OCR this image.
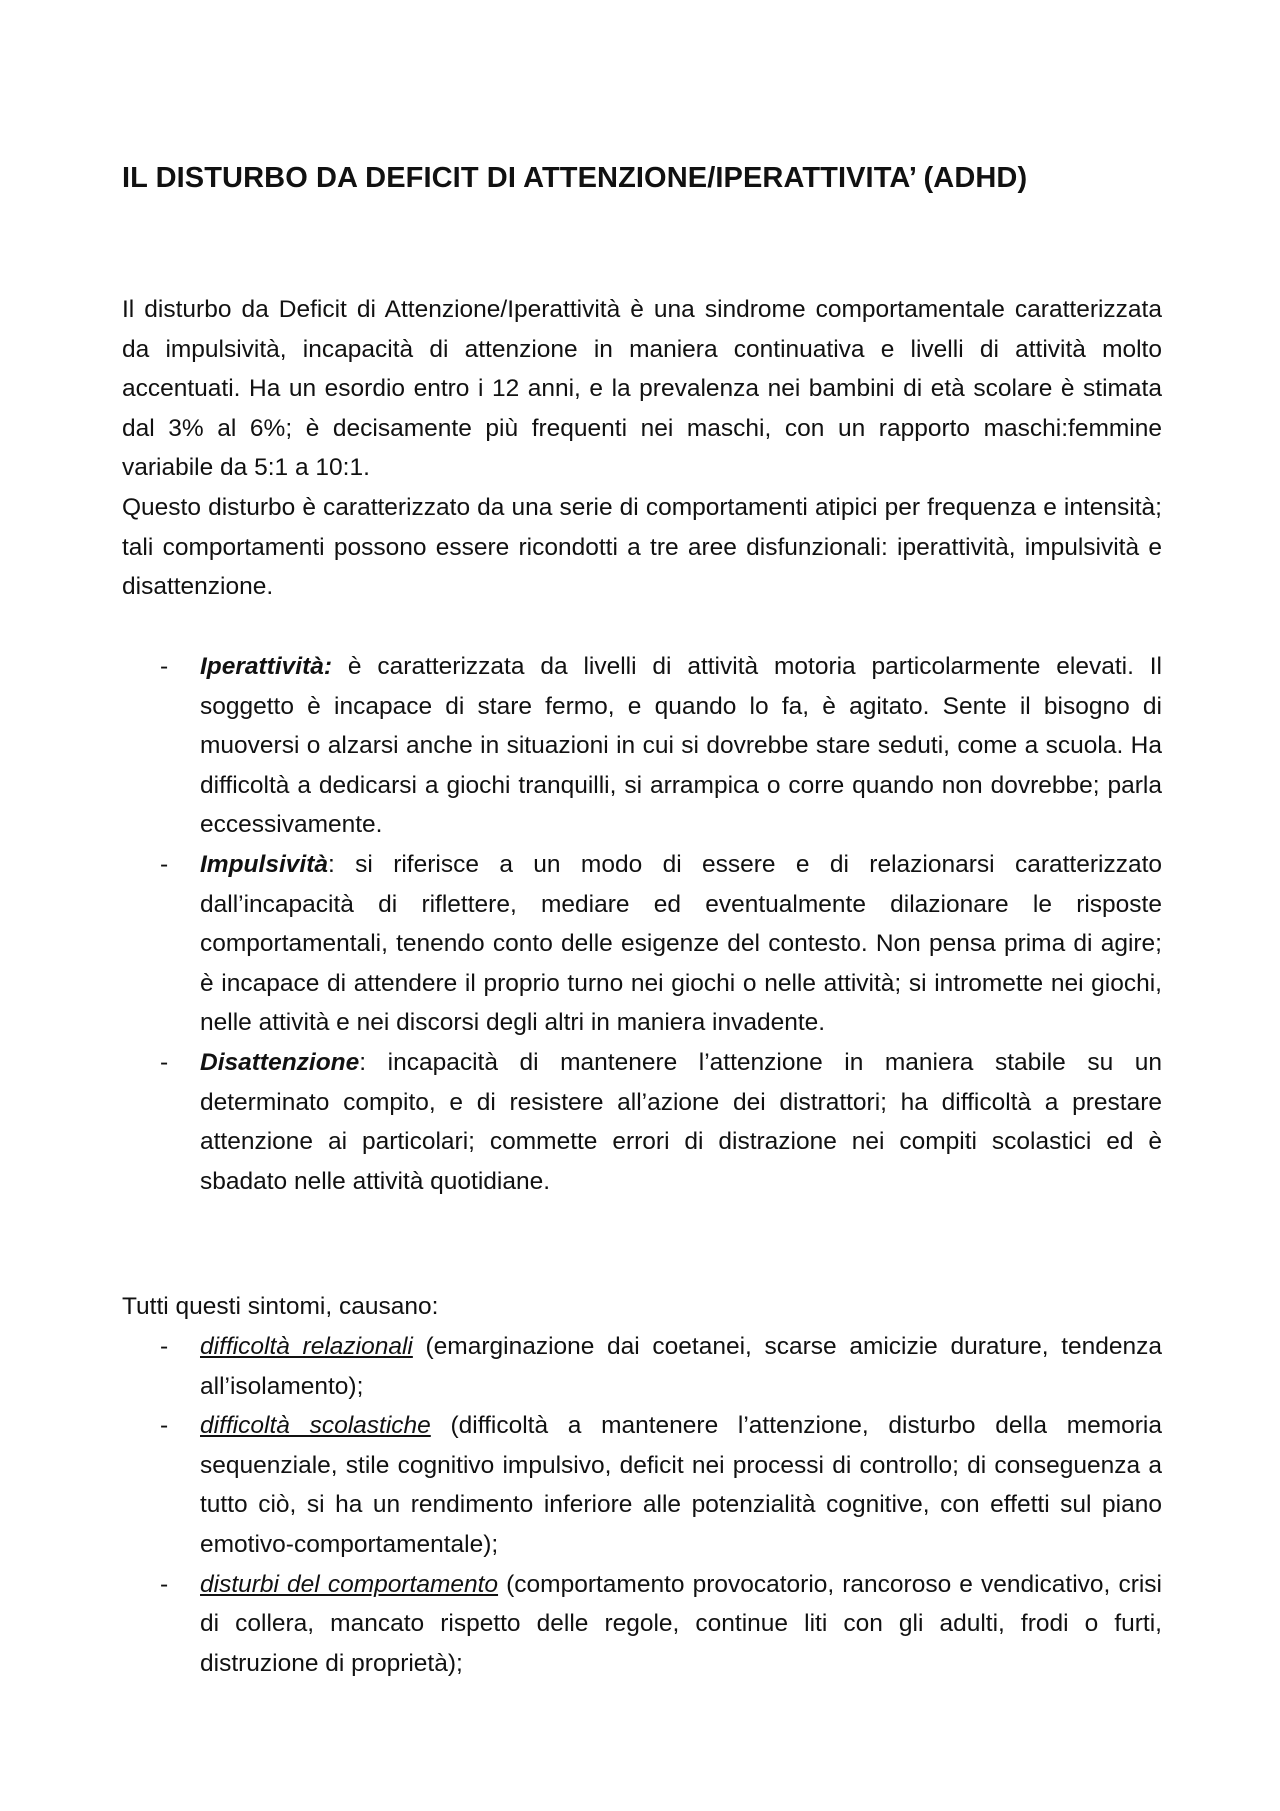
IL DISTURBO DA DEFICIT DI ATTENZIONE/IPERATTIVITA’ (ADHD)

Il disturbo da Deficit di Attenzione/Iperattività è una sindrome comportamentale caratterizzata da impulsività, incapacità di attenzione in maniera continuativa e livelli di attività molto accentuati. Ha un esordio entro i 12 anni, e la prevalenza nei bambini di età scolare è stimata dal 3% al 6%; è decisamente più frequenti nei maschi, con un rapporto maschi:femmine variabile da 5:1 a 10:1.

Questo disturbo è caratterizzato da una serie di comportamenti atipici per frequenza e intensità; tali comportamenti possono essere ricondotti a tre aree disfunzionali: iperattività, impulsività e disattenzione.

- Iperattività: è caratterizzata da livelli di attività motoria particolarmente elevati. Il soggetto è incapace di stare fermo, e quando lo fa, è agitato. Sente il bisogno di muoversi o alzarsi anche in situazioni in cui si dovrebbe stare seduti, come a scuola. Ha difficoltà a dedicarsi a giochi tranquilli, si arrampica o corre quando non dovrebbe; parla eccessivamente.
- Impulsività: si riferisce a un modo di essere e di relazionarsi caratterizzato dall’incapacità di riflettere, mediare ed eventualmente dilazionare le risposte comportamentali, tenendo conto delle esigenze del contesto. Non pensa prima di agire; è incapace di attendere il proprio turno nei giochi o nelle attività; si intromette nei giochi, nelle attività e nei discorsi degli altri in maniera invadente.
- Disattenzione: incapacità di mantenere l’attenzione in maniera stabile su un determinato compito, e di resistere all’azione dei distrattori; ha difficoltà a prestare attenzione ai particolari; commette errori di distrazione nei compiti scolastici ed è sbadato nelle attività quotidiane.
Tutti questi sintomi, causano:
- difficoltà relazionali (emarginazione dai coetanei, scarse amicizie durature, tendenza all’isolamento);
- difficoltà scolastiche (difficoltà a mantenere l’attenzione, disturbo della memoria sequenziale, stile cognitivo impulsivo, deficit nei processi di controllo; di conseguenza a tutto ciò, si ha un rendimento inferiore alle potenzialità cognitive, con effetti sul piano emotivo-comportamentale);
- disturbi del comportamento (comportamento provocatorio, rancoroso e vendicativo, crisi di collera, mancato rispetto delle regole, continue liti con gli adulti, frodi o furti, distruzione di proprietà);
